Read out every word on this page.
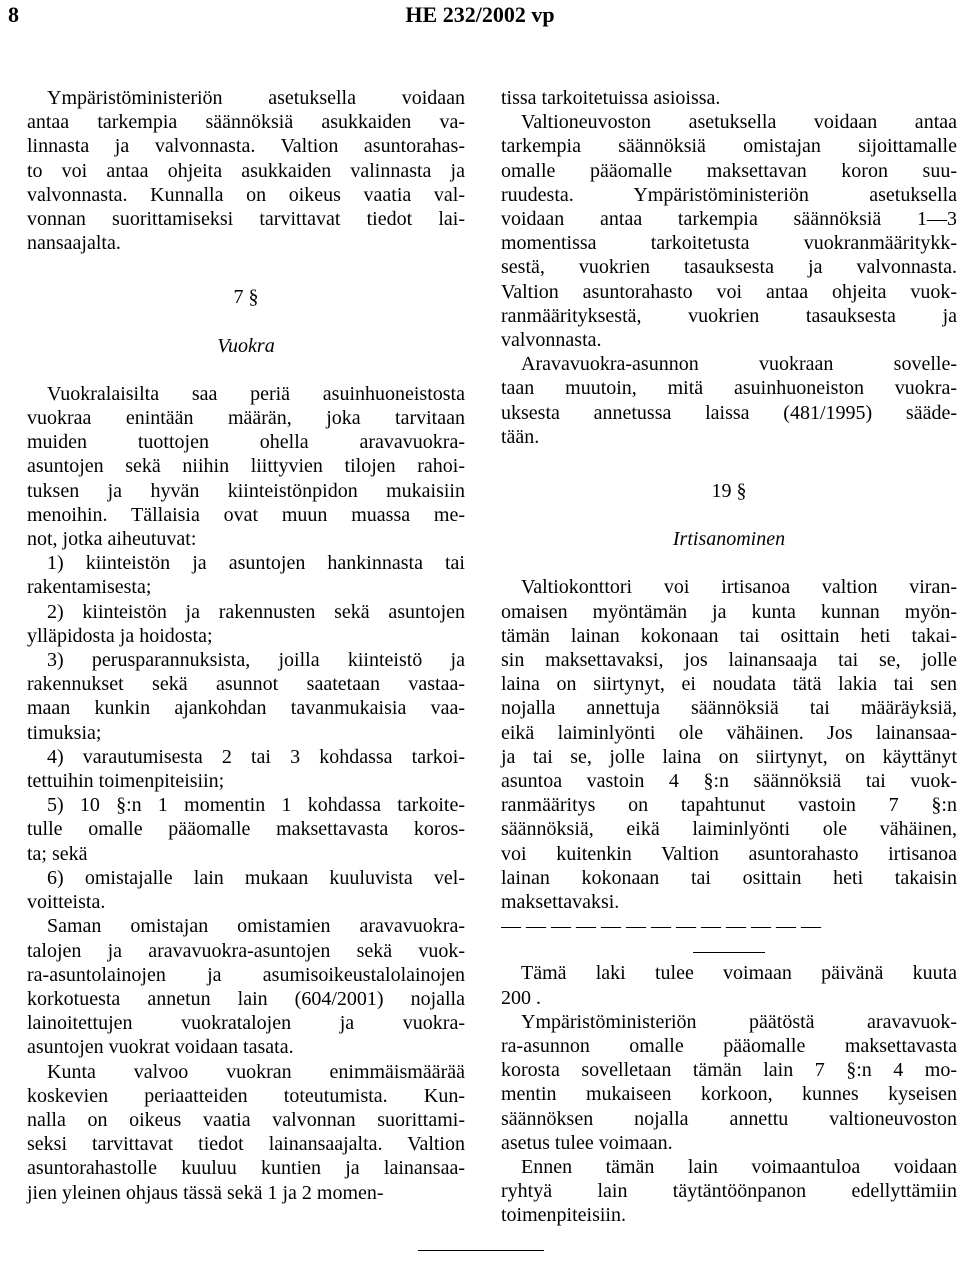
8	HE 232/2002 vp
Ympäristöministeriön asetuksella voidaan
antaa tarkempia säännöksiä asukkaiden va-
linnasta ja valvonnasta. Valtion asuntorahas-
to voi antaa ohjeita asukkaiden valinnasta ja
valvonnasta. Kunnalla on oikeus vaatia val-
vonnan suorittamiseksi tarvittavat tiedot lai-
nansaajalta.
7 §
Vuokra
Vuokralaisilta saa periä asuinhuoneistosta
vuokraa enintään määrän, joka tarvitaan
muiden tuottojen ohella aravavuokra-
asuntojen sekä niihin liittyvien tilojen rahoi-
tuksen ja hyvän kiinteistönpidon mukaisiin
menoihin. Tällaisia ovat muun muassa me-
not, jotka aiheutuvat:
1) kiinteistön ja asuntojen hankinnasta tai
rakentamisesta;
2) kiinteistön ja rakennusten sekä asuntojen
ylläpidosta ja hoidosta;
3) perusparannuksista, joilla kiinteistö ja
rakennukset sekä asunnot saatetaan vastaa-
maan kunkin ajankohdan tavanmukaisia vaa-
timuksia;
4) varautumisesta 2 tai 3 kohdassa tarkoi-
tettuihin toimenpiteisiin;
5) 10 §:n 1 momentin 1 kohdassa tarkoite-
tulle omalle pääomalle maksettavasta koros-
ta; sekä
6) omistajalle lain mukaan kuuluvista vel-
voitteista.
Saman omistajan omistamien aravavuokra-
talojen ja aravavuokra-asuntojen sekä vuok-
ra-asuntolainojen ja asumisoikeustalolainojen
korkotuesta annetun lain (604/2001) nojalla
lainoitettujen vuokratalojen ja vuokra-
asuntojen vuokrat voidaan tasata.
Kunta valvoo vuokran enimmäismäärää
koskevien periaatteiden toteutumista. Kun-
nalla on oikeus vaatia valvonnan suorittami-
seksi tarvittavat tiedot lainansaajalta. Valtion
asuntorahastolle kuuluu kuntien ja lainansaa-
jien yleinen ohjaus tässä sekä 1 ja 2 momen-
tissa tarkoitetuissa asioissa.
Valtioneuvoston asetuksella voidaan antaa
tarkempia säännöksiä omistajan sijoittamalle
omalle pääomalle maksettavan koron suu-
ruudesta. Ympäristöministeriön asetuksella
voidaan antaa tarkempia säännöksiä 1—3
momentissa tarkoitetusta vuokranmääritykk-
sestä, vuokrien tasauksesta ja valvonnasta.
Valtion asuntorahasto voi antaa ohjeita vuok-
ranmäärityksestä, vuokrien tasauksesta ja
valvonnasta.
Aravavuokra-asunnon vuokraan sovelle-
taan muutoin, mitä asuinhuoneiston vuokra-
uksesta annetussa laissa (481/1995) sääde-
tään.
19 §
Irtisanominen
Valtiokonttori voi irtisanoa valtion viran-
omaisen myöntämän ja kunta kunnan myön-
tämän lainan kokonaan tai osittain heti takai-
sin maksettavaksi, jos lainansaaja tai se, jolle
laina on siirtynyt, ei noudata tätä lakia tai sen
nojalla annettuja säännöksiä tai määräyksiä,
eikä laiminlyönti ole vähäinen. Jos lainansaa-
ja tai se, jolle laina on siirtynyt, on käyttänyt
asuntoa vastoin 4 §:n säännöksiä tai vuok-
ranmääritys on tapahtunut vastoin 7 §:n
säännöksiä, eikä laiminlyönti ole vähäinen,
voi kuitenkin Valtion asuntorahasto irtisanoa
lainan kokonaan tai osittain heti takaisin
maksettavaksi.
— — — — — — — — — — — — —
Tämä laki tulee voimaan päivänä kuuta
200 .
Ympäristöministeriön päätöstä aravavuok-
ra-asunnon omalle pääomalle maksettavasta
korosta sovelletaan tämän lain 7 §:n 4 mo-
mentin mukaiseen korkoon, kunnes kyseisen
säännöksen nojalla annettu valtioneuvoston
asetus tulee voimaan.
Ennen tämän lain voimaantuloa voidaan
ryhtyä lain täytäntöönpanon edellyttämiin
toimenpiteisiin.
